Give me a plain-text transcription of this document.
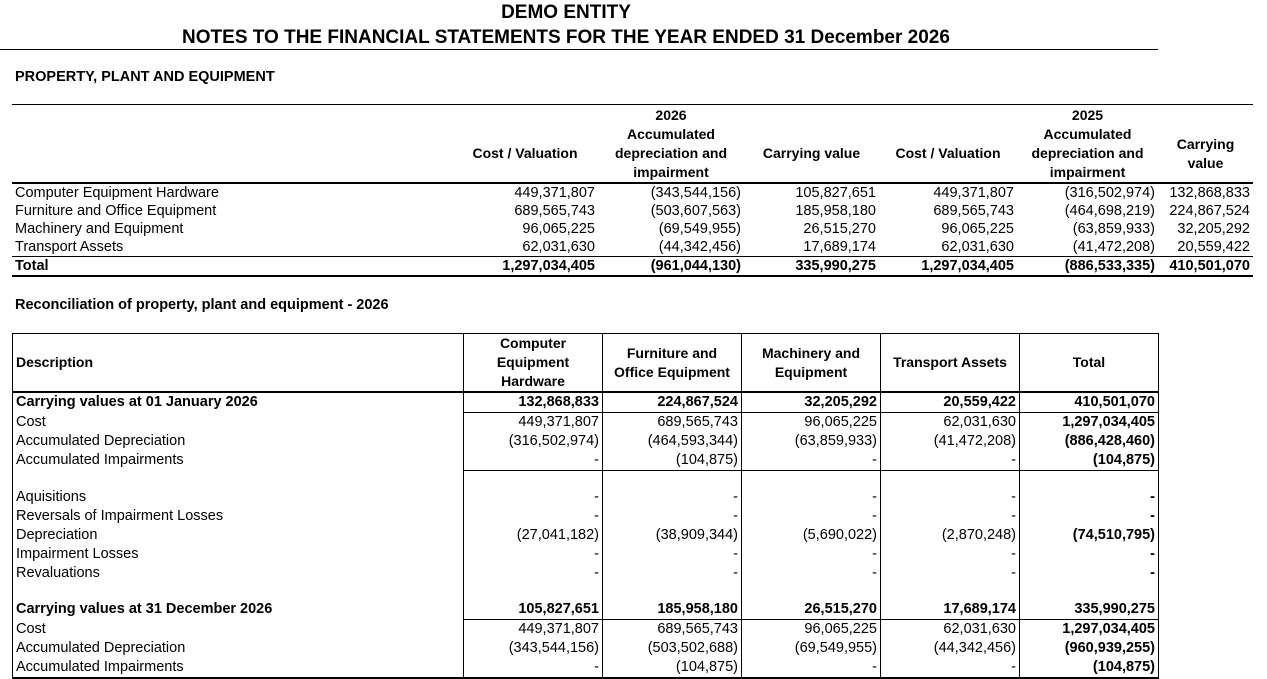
DEMO ENTITY
NOTES TO THE FINANCIAL STATEMENTS FOR THE YEAR ENDED 31 December 2026
PROPERTY, PLANT AND EQUIPMENT
		2026			2025	
	Cost / Valuation	Accumulated depreciation and impairment	Carrying value	Cost / Valuation	Accumulated depreciation and impairment	Carrying value
Computer Equipment Hardware	449,371,807	(343,544,156)	105,827,651	449,371,807	(316,502,974)	132,868,833
Furniture and Office Equipment	689,565,743	(503,607,563)	185,958,180	689,565,743	(464,698,219)	224,867,524
Machinery and Equipment	96,065,225	(69,549,955)	26,515,270	96,065,225	(63,859,933)	32,205,292
Transport Assets	62,031,630	(44,342,456)	17,689,174	62,031,630	(41,472,208)	20,559,422
Total	1,297,034,405	(961,044,130)	335,990,275	1,297,034,405	(886,533,335)	410,501,070
Reconciliation of property, plant and equipment - 2026
Description	Computer Equipment Hardware	Furniture and Office Equipment	Machinery and Equipment	Transport Assets	Total
Carrying values at 01 January 2026	132,868,833	224,867,524	32,205,292	20,559,422	410,501,070
Cost	449,371,807	689,565,743	96,065,225	62,031,630	1,297,034,405
Accumulated Depreciation	(316,502,974)	(464,593,344)	(63,859,933)	(41,472,208)	(886,428,460)
Accumulated Impairments	-	(104,875)	-	-	(104,875)

Aquisitions	-	-	-	-	-
Reversals of Impairment Losses	-	-	-	-	-
Depreciation	(27,041,182)	(38,909,344)	(5,690,022)	(2,870,248)	(74,510,795)
Impairment Losses	-	-	-	-	-
Revaluations	-	-	-	-	-

Carrying values at 31 December 2026	105,827,651	185,958,180	26,515,270	17,689,174	335,990,275
Cost	449,371,807	689,565,743	96,065,225	62,031,630	1,297,034,405
Accumulated Depreciation	(343,544,156)	(503,502,688)	(69,549,955)	(44,342,456)	(960,939,255)
Accumulated Impairments	-	(104,875)	-	-	(104,875)
